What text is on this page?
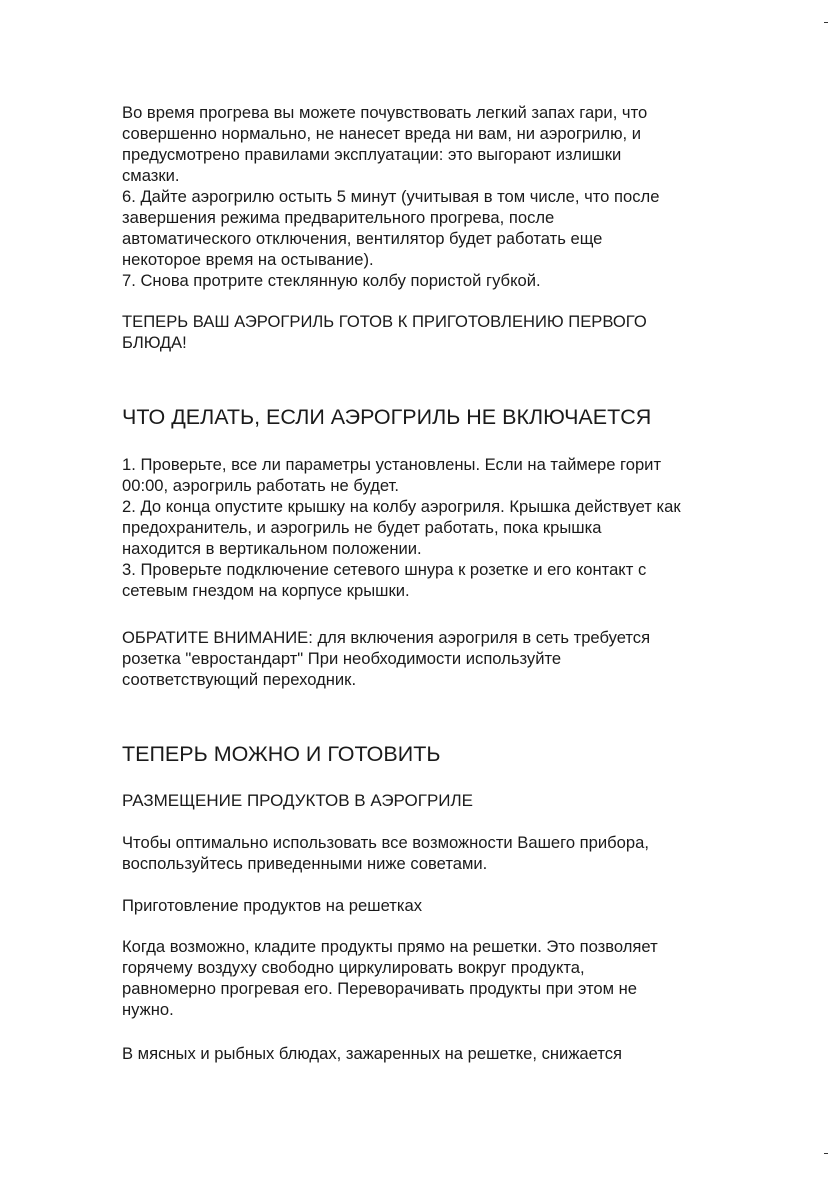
Во время прогрева вы можете почувствовать легкий запах гари, что

совершенно нормально, не нанесет вреда ни вам, ни аэрогрилю, и

предусмотрено правилами эксплуатации: это выгорают излишки

смазки.

6. Дайте аэрогрилю остыть 5 минут (учитывая в том числе, что после

завершения режима предварительного прогрева, после

автоматического отключения, вентилятор будет работать еще

некоторое время на остывание).

7. Снова протрите стеклянную колбу пористой губкой.

ТЕПЕРЬ ВАШ АЭРОГРИЛЬ ГОТОВ К ПРИГОТОВЛЕНИЮ ПЕРВОГО

БЛЮДА!

ЧТО ДЕЛАТЬ, ЕСЛИ АЭРОГРИЛЬ НЕ ВКЛЮЧАЕТСЯ

1. Проверьте, все ли параметры установлены. Если на таймере горит

00:00, аэрогриль работать не будет.

2. До конца опустите крышку на колбу аэрогриля. Крышка действует как

предохранитель, и аэрогриль не будет работать, пока крышка

находится в вертикальном положении.

3. Проверьте подключение сетевого шнура к розетке и его контакт с

сетевым гнездом на корпусе крышки.

ОБРАТИТЕ ВНИМАНИЕ: для включения аэрогриля в сеть требуется

розетка "евростандарт" При необходимости используйте

соответствующий переходник.

ТЕПЕРЬ МОЖНО И ГОТОВИТЬ
РАЗМЕЩЕНИЕ ПРОДУКТОВ В АЭРОГРИЛЕ

Чтобы оптимально использовать все возможности Вашего прибора,

воспользуйтесь приведенными ниже советами.

Приготовление продуктов на решетках

Когда возможно, кладите продукты прямо на решетки. Это позволяет

горячему воздуху свободно циркулировать вокруг продукта,

равномерно прогревая его. Переворачивать продукты при этом не

нужно.

В мясных и рыбных блюдах, зажаренных на решетке, снижается
